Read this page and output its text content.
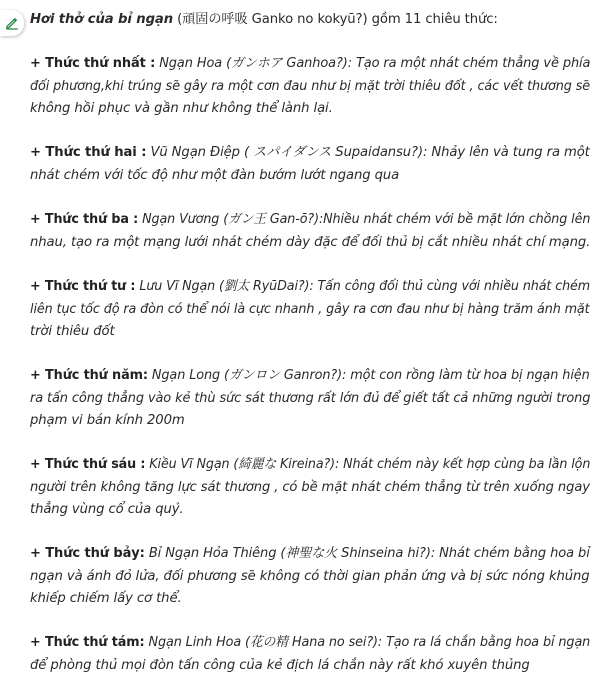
Hơi thở của bỉ ngạn (頑固の呼吸 Ganko no kokyū?) gồm 11 chiêu thức:
+ Thức thứ nhất : Ngạn Hoa (ガンホア Ganhoa?): Tạo ra một nhát chém thẳng về phía
đối phương,khi trúng sẽ gây ra một cơn đau như bị mặt trời thiêu đốt , các vết thương sẽ
không hồi phục và gần như không thể lành lại.
+ Thức thứ hai : Vũ Ngạn Điệp ( スパイダンス Supaidansu?): Nhảy lên và tung ra một
nhát chém với tốc độ như một đàn bướm lướt ngang qua
+ Thức thứ ba : Ngạn Vương (ガン王 Gan-ō?):Nhiều nhát chém với bề mặt lớn chồng lên
nhau, tạo ra một mạng lưới nhát chém dày đặc để đối thủ bị cắt nhiều nhát chí mạng.
+ Thức thứ tư : Lưu Vĩ Ngạn (劉太 RyūDai?): Tấn công đối thủ cùng với nhiều nhát chém
liên tục tốc độ ra đòn có thể nói là cực nhanh , gây ra cơn đau như bị hàng trăm ánh mặt
trời thiêu đốt
+ Thức thứ năm: Ngạn Long (ガンロン Ganron?): một con rồng làm từ hoa bị ngạn hiện
ra tấn công thẳng vào kẻ thù sức sát thương rất lớn đủ để giết tất cả những người trong
phạm vi bán kính 200m
+ Thức thứ sáu : Kiều Vĩ Ngạn (綺麗な Kireina?): Nhát chém này kết hợp cùng ba lần lộn
người trên không tăng lực sát thương , có bề mặt nhát chém thẳng từ trên xuống ngay
thẳng vùng cổ của quỷ.
+ Thức thứ bảy: Bỉ Ngạn Hỏa Thiêng (神聖な火 Shinseina hi?): Nhát chém bằng hoa bỉ
ngạn và ánh đỏ lửa, đối phương sẽ không có thời gian phản ứng và bị sức nóng khủng
khiếp chiếm lấy cơ thể.
+ Thức thứ tám: Ngạn Linh Hoa (花の精 Hana no sei?): Tạo ra lá chắn bằng hoa bỉ ngạn
để phòng thủ mọi đòn tấn công của kẻ địch lá chắn này rất khó xuyên thủng
